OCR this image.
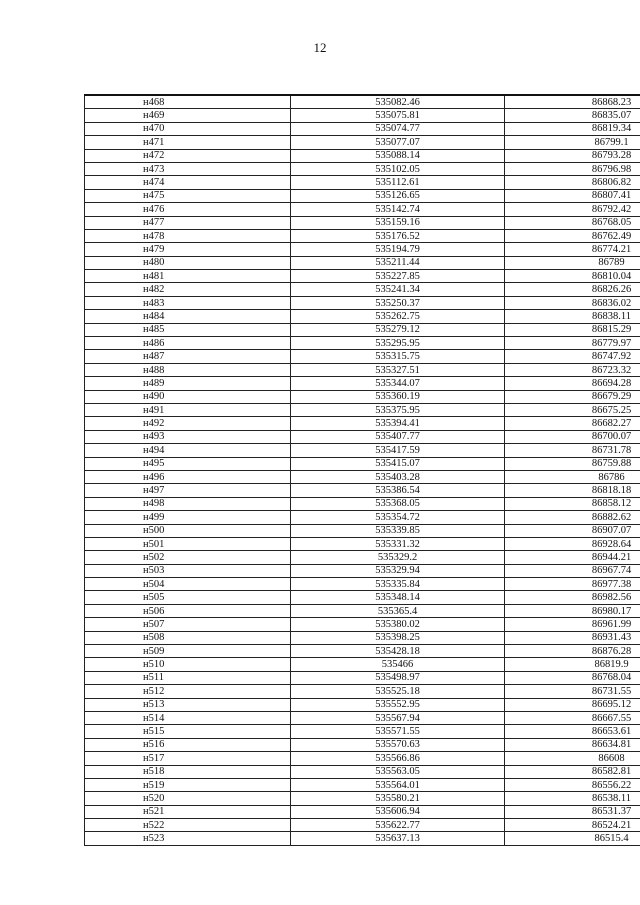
12
н468	535082.46	86868.23
н469	535075.81	86835.07
н470	535074.77	86819.34
н471	535077.07	86799.1
н472	535088.14	86793.28
н473	535102.05	86796.98
н474	535112.61	86806.82
н475	535126.65	86807.41
н476	535142.74	86792.42
н477	535159.16	86768.05
н478	535176.52	86762.49
н479	535194.79	86774.21
н480	535211.44	86789
н481	535227.85	86810.04
н482	535241.34	86826.26
н483	535250.37	86836.02
н484	535262.75	86838.11
н485	535279.12	86815.29
н486	535295.95	86779.97
н487	535315.75	86747.92
н488	535327.51	86723.32
н489	535344.07	86694.28
н490	535360.19	86679.29
н491	535375.95	86675.25
н492	535394.41	86682.27
н493	535407.77	86700.07
н494	535417.59	86731.78
н495	535415.07	86759.88
н496	535403.28	86786
н497	535386.54	86818.18
н498	535368.05	86858.12
н499	535354.72	86882.62
н500	535339.85	86907.07
н501	535331.32	86928.64
н502	535329.2	86944.21
н503	535329.94	86967.74
н504	535335.84	86977.38
н505	535348.14	86982.56
н506	535365.4	86980.17
н507	535380.02	86961.99
н508	535398.25	86931.43
н509	535428.18	86876.28
н510	535466	86819.9
н511	535498.97	86768.04
н512	535525.18	86731.55
н513	535552.95	86695.12
н514	535567.94	86667.55
н515	535571.55	86653.61
н516	535570.63	86634.81
н517	535566.86	86608
н518	535563.05	86582.81
н519	535564.01	86556.22
н520	535580.21	86538.11
н521	535606.94	86531.37
н522	535622.77	86524.21
н523	535637.13	86515.4
